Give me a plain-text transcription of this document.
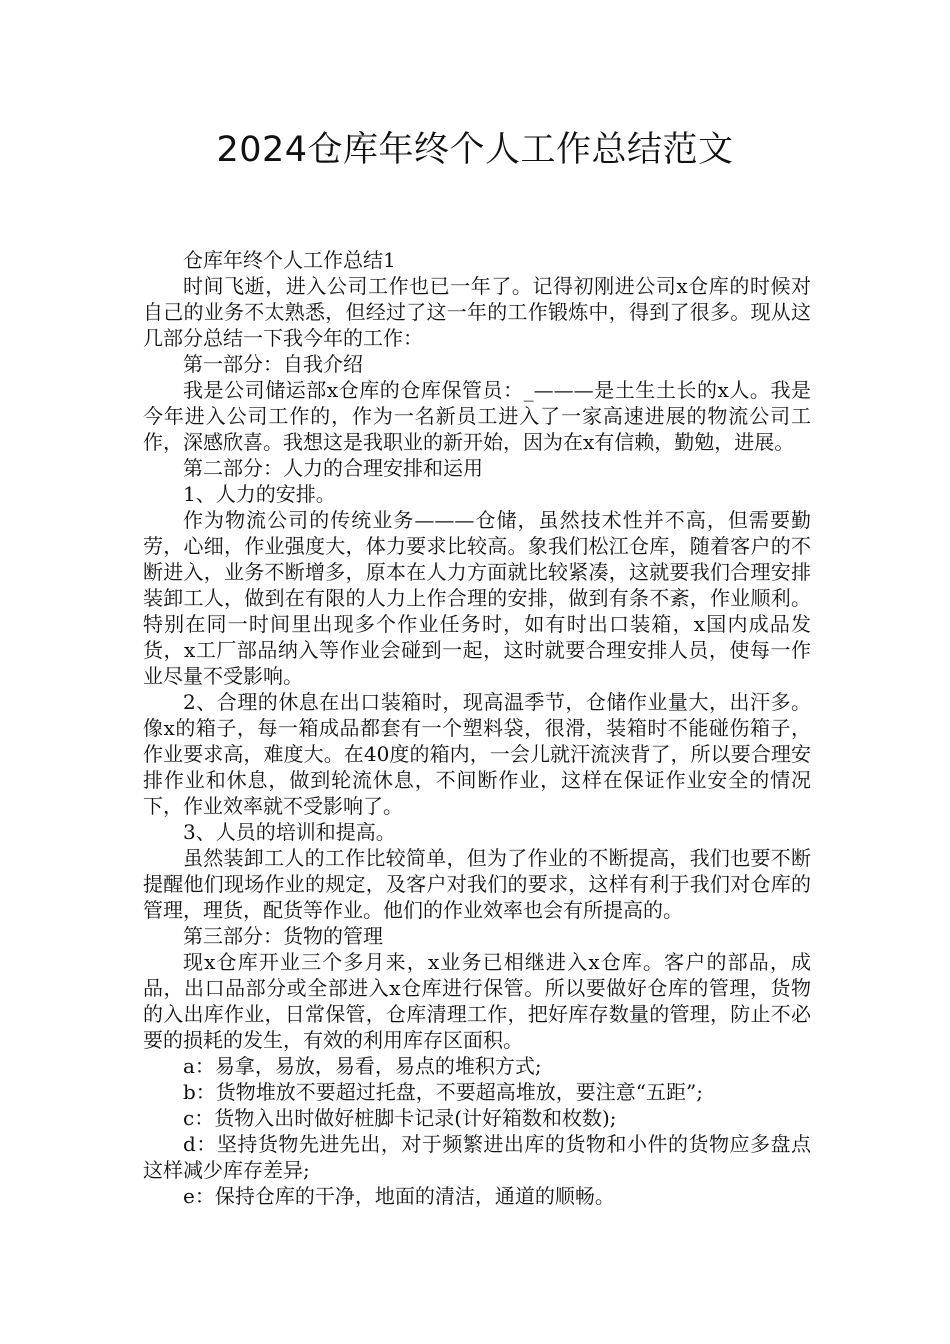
2024仓库年终个人工作总结范文

仓库年终个人工作总结1

时间飞逝，进入公司工作也已一年了。记得初刚进公司x仓库的时候对自己的业务不太熟悉，但经过了这一年的工作锻炼中，得到了很多。现从这几部分总结一下我今年的工作：

第一部分：自我介绍

我是公司储运部x仓库的仓库保管员：_———是土生土长的x人。我是今年进入公司工作的，作为一名新员工进入了一家高速进展的物流公司工作，深感欣喜。我想这是我职业的新开始，因为在x有信赖，勤勉，进展。

第二部分：人力的合理安排和运用

1、人力的安排。

作为物流公司的传统业务———仓储，虽然技术性并不高，但需要勤劳，心细，作业强度大，体力要求比较高。象我们松江仓库，随着客户的不断进入，业务不断增多，原本在人力方面就比较紧凑，这就要我们合理安排装卸工人，做到在有限的人力上作合理的安排，做到有条不紊，作业顺利。特别在同一时间里出现多个作业任务时，如有时出口装箱，x国内成品发货，x工厂部品纳入等作业会碰到一起，这时就要合理安排人员，使每一作业尽量不受影响。

2、合理的休息在出口装箱时，现高温季节，仓储作业量大，出汗多。像x的箱子，每一箱成品都套有一个塑料袋，很滑，装箱时不能碰伤箱子，作业要求高，难度大。在40度的箱内，一会儿就汗流浃背了，所以要合理安排作业和休息，做到轮流休息，不间断作业，这样在保证作业安全的情况下，作业效率就不受影响了。

3、人员的培训和提高。

虽然装卸工人的工作比较简单，但为了作业的不断提高，我们也要不断提醒他们现场作业的规定，及客户对我们的要求，这样有利于我们对仓库的管理，理货，配货等作业。他们的作业效率也会有所提高的。

第三部分：货物的管理

现x仓库开业三个多月来，x业务已相继进入x仓库。客户的部品，成品，出口品部分或全部进入x仓库进行保管。所以要做好仓库的管理，货物的入出库作业，日常保管，仓库清理工作，把好库存数量的管理，防止不必要的损耗的发生，有效的利用库存区面积。

a：易拿，易放，易看，易点的堆积方式;

b：货物堆放不要超过托盘，不要超高堆放，要注意“五距”;

c：货物入出时做好桩脚卡记录(计好箱数和枚数);

d：坚持货物先进先出，对于频繁进出库的货物和小件的货物应多盘点这样减少库存差异;

e：保持仓库的干净，地面的清洁，通道的顺畅。
